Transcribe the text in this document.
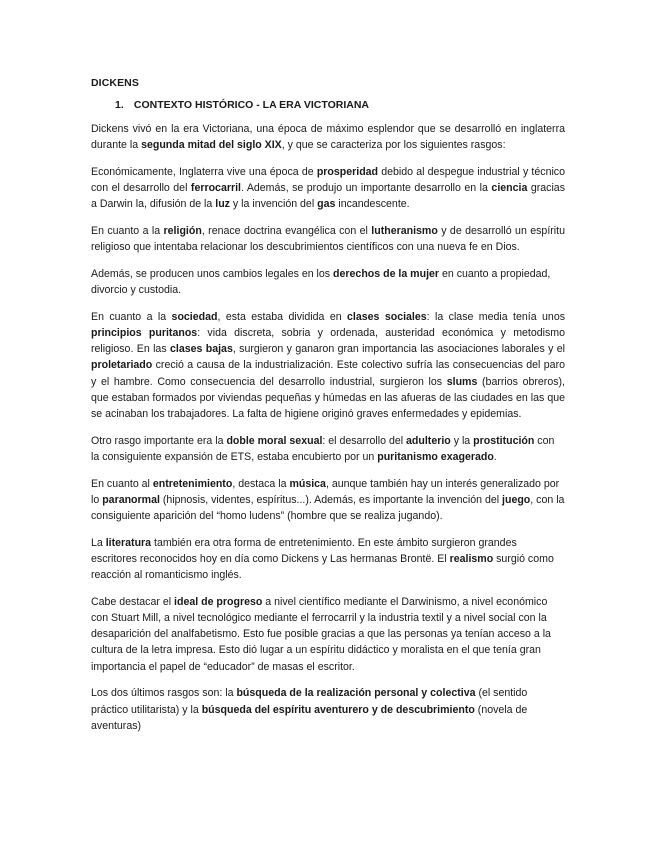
DICKENS
1. CONTEXTO HISTÓRICO - LA ERA VICTORIANA

Dickens vivó en la era Victoriana, una época de máximo esplendor que se desarrolló en inglaterra durante la segunda mitad del siglo XIX, y que se caracteriza por los siguientes rasgos:

Económicamente, Inglaterra vive una época de prosperidad debido al despegue industrial y técnico con el desarrollo del ferrocarril. Además, se produjo un importante desarrollo en la ciencia gracias a Darwin la, difusión de la luz y la invención del gas incandescente.

En cuanto a la religión, renace doctrina evangélica con el lutheranismo y de desarrolló un espíritu religioso que intentaba relacionar los descubrimientos científicos con una nueva fe en Dios.

Además, se producen unos cambios legales en los derechos de la mujer en cuanto a propiedad, divorcio y custodia.

En cuanto a la sociedad, esta estaba dividida en clases sociales: la clase media tenía unos principios puritanos: vida discreta, sobria y ordenada, austeridad económica y metodismo religioso. En las clases bajas, surgieron y ganaron gran importancia las asociaciones laborales y el proletariado creció a causa de la industrialización. Este colectivo sufría las consecuencias del paro y el hambre. Como consecuencia del desarrollo industrial, surgieron los slums (barrios obreros), que estaban formados por viviendas pequeñas y húmedas en las afueras de las ciudades en las que se acinaban los trabajadores. La falta de higiene originó graves enfermedades y epidemias.

Otro rasgo importante era la doble moral sexual: el desarrollo del adulterio y la prostitución con la consiguiente expansión de ETS, estaba encubierto por un puritanismo exagerado.

En cuanto al entretenimiento, destaca la música, aunque también hay un interés generalizado por lo paranormal (hipnosis, videntes, espíritus...). Además, es importante la invención del juego, con la consiguiente aparición del “homo ludens” (hombre que se realiza jugando).

La literatura también era otra forma de entretenimiento. En este ámbito surgieron grandes escritores reconocidos hoy en día como Dickens y Las hermanas Brontë. El realismo surgió como reacción al romanticismo inglés.

Cabe destacar el ideal de progreso a nivel científico mediante el Darwinismo, a nivel económico con Stuart Mill, a nivel tecnológico mediante el ferrocarril y la industria textil y a nivel social con la desaparición del analfabetismo. Esto fue posible gracias a que las personas ya tenían acceso a la cultura de la letra impresa. Esto dió lugar a un espíritu didáctico y moralista en el que tenía gran importancia el papel de “educador” de masas el escritor.

Los dos últimos rasgos son: la búsqueda de la realización personal y colectiva (el sentido práctico utilitarista) y la búsqueda del espíritu aventurero y de descubrimiento (novela de aventuras)
